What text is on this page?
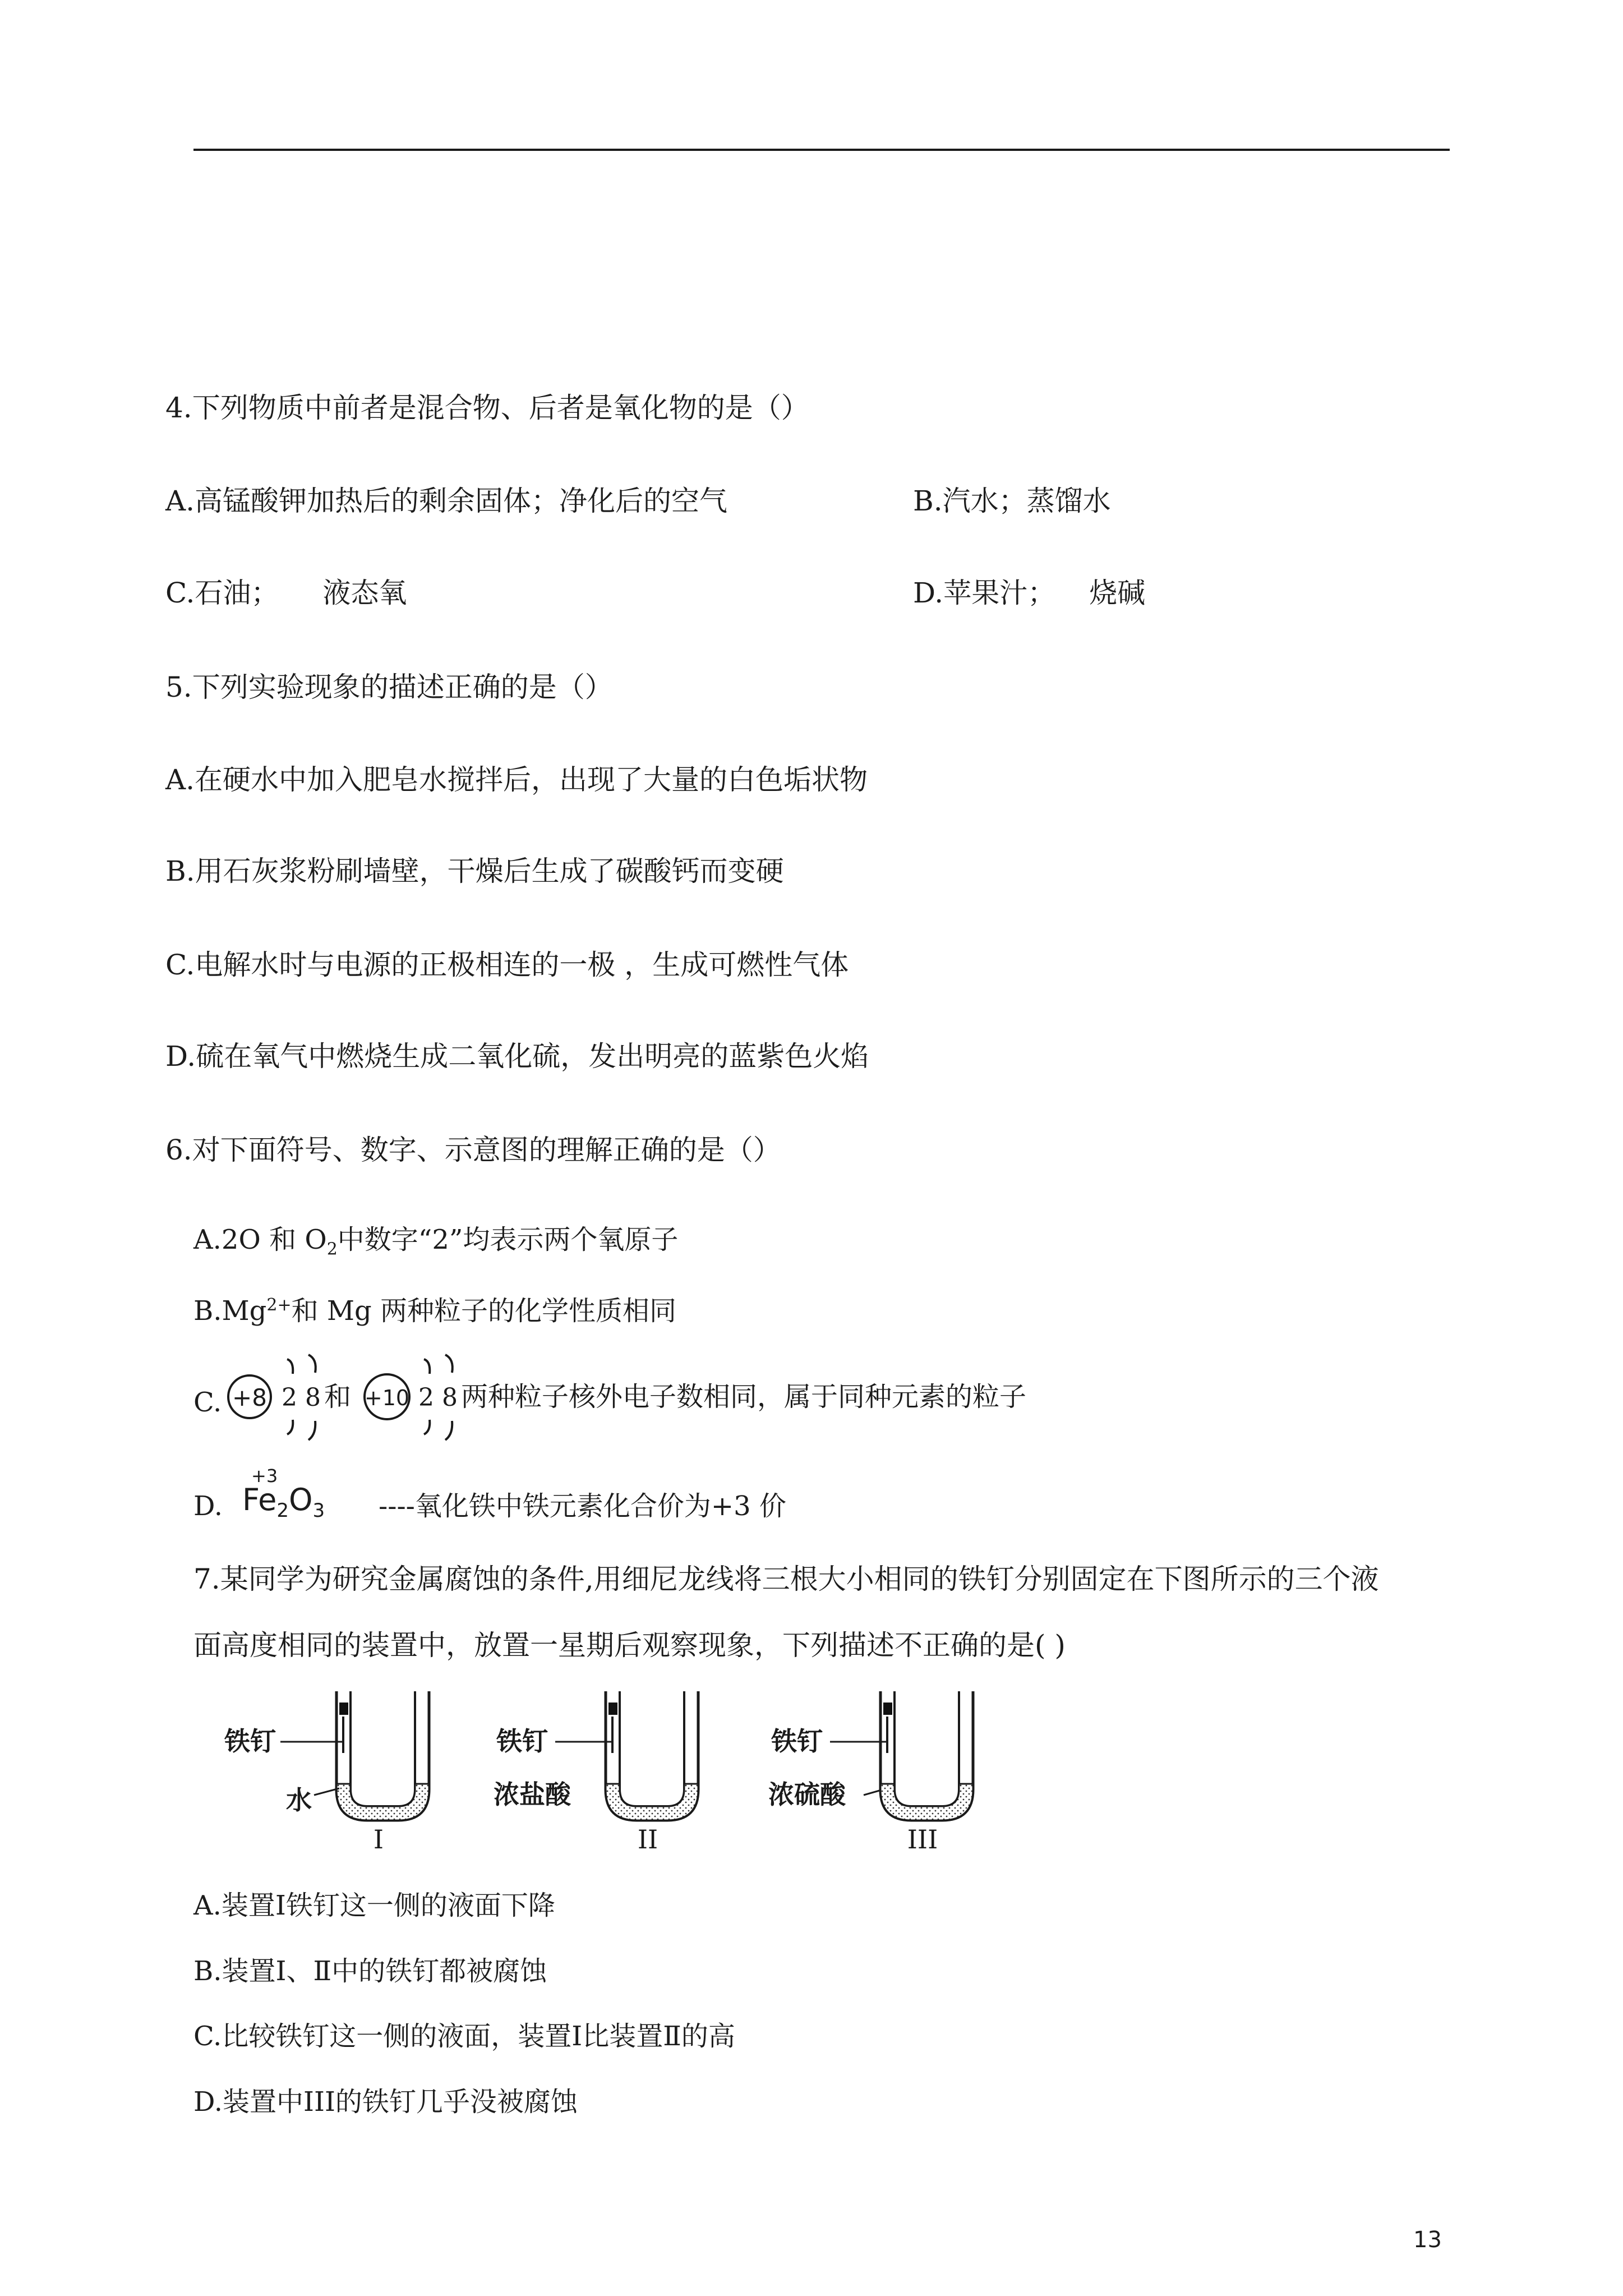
4.下列物质中前者是混合物、后者是氧化物的是（）
A.高锰酸钾加热后的剩余固体；净化后的空气	B.汽水；蒸馏水
C.石油； 液态氧	D.苹果汁； 烧碱
5.下列实验现象的描述正确的是（）
A.在硬水中加入肥皂水搅拌后，出现了大量的白色垢状物
B.用石灰浆粉刷墙壁，干燥后生成了碳酸钙而变硬
C.电解水时与电源的正极相连的一极 ，生成可燃性气体
D.硫在氧气中燃烧生成二氧化硫，发出明亮的蓝紫色火焰
6.对下面符号、数字、示意图的理解正确的是（）
A.2O 和 $O_2$中数字“2”均表示两个氧原子
$B.Mg^{2+}$和 Mg 两种粒子的化学性质相同
C. +8 2 8 和 +10 2 8 两种粒子核外电子数相同，属于同种元素的粒子
D.
+3
$Fe_2O_3$ ----氧化铁中铁元素化合价为+3 价
7.某同学为研究金属腐蚀的条件,用细尼龙线将三根大小相同的铁钉分别固定在下图所示的三个液
面高度相同的装置中，放置一星期后观察现象，下列描述不正确的是( )
铁钉
水
I
铁钉
浓盐酸
II
铁钉
浓硫酸
III
A.装置Ⅰ铁钉这一侧的液面下降
B.装置Ⅰ、Ⅱ中的铁钉都被腐蚀
C.比较铁钉这一侧的液面，装置Ⅰ比装置Ⅱ的高
D.装置中III的铁钉几乎没被腐蚀
13
